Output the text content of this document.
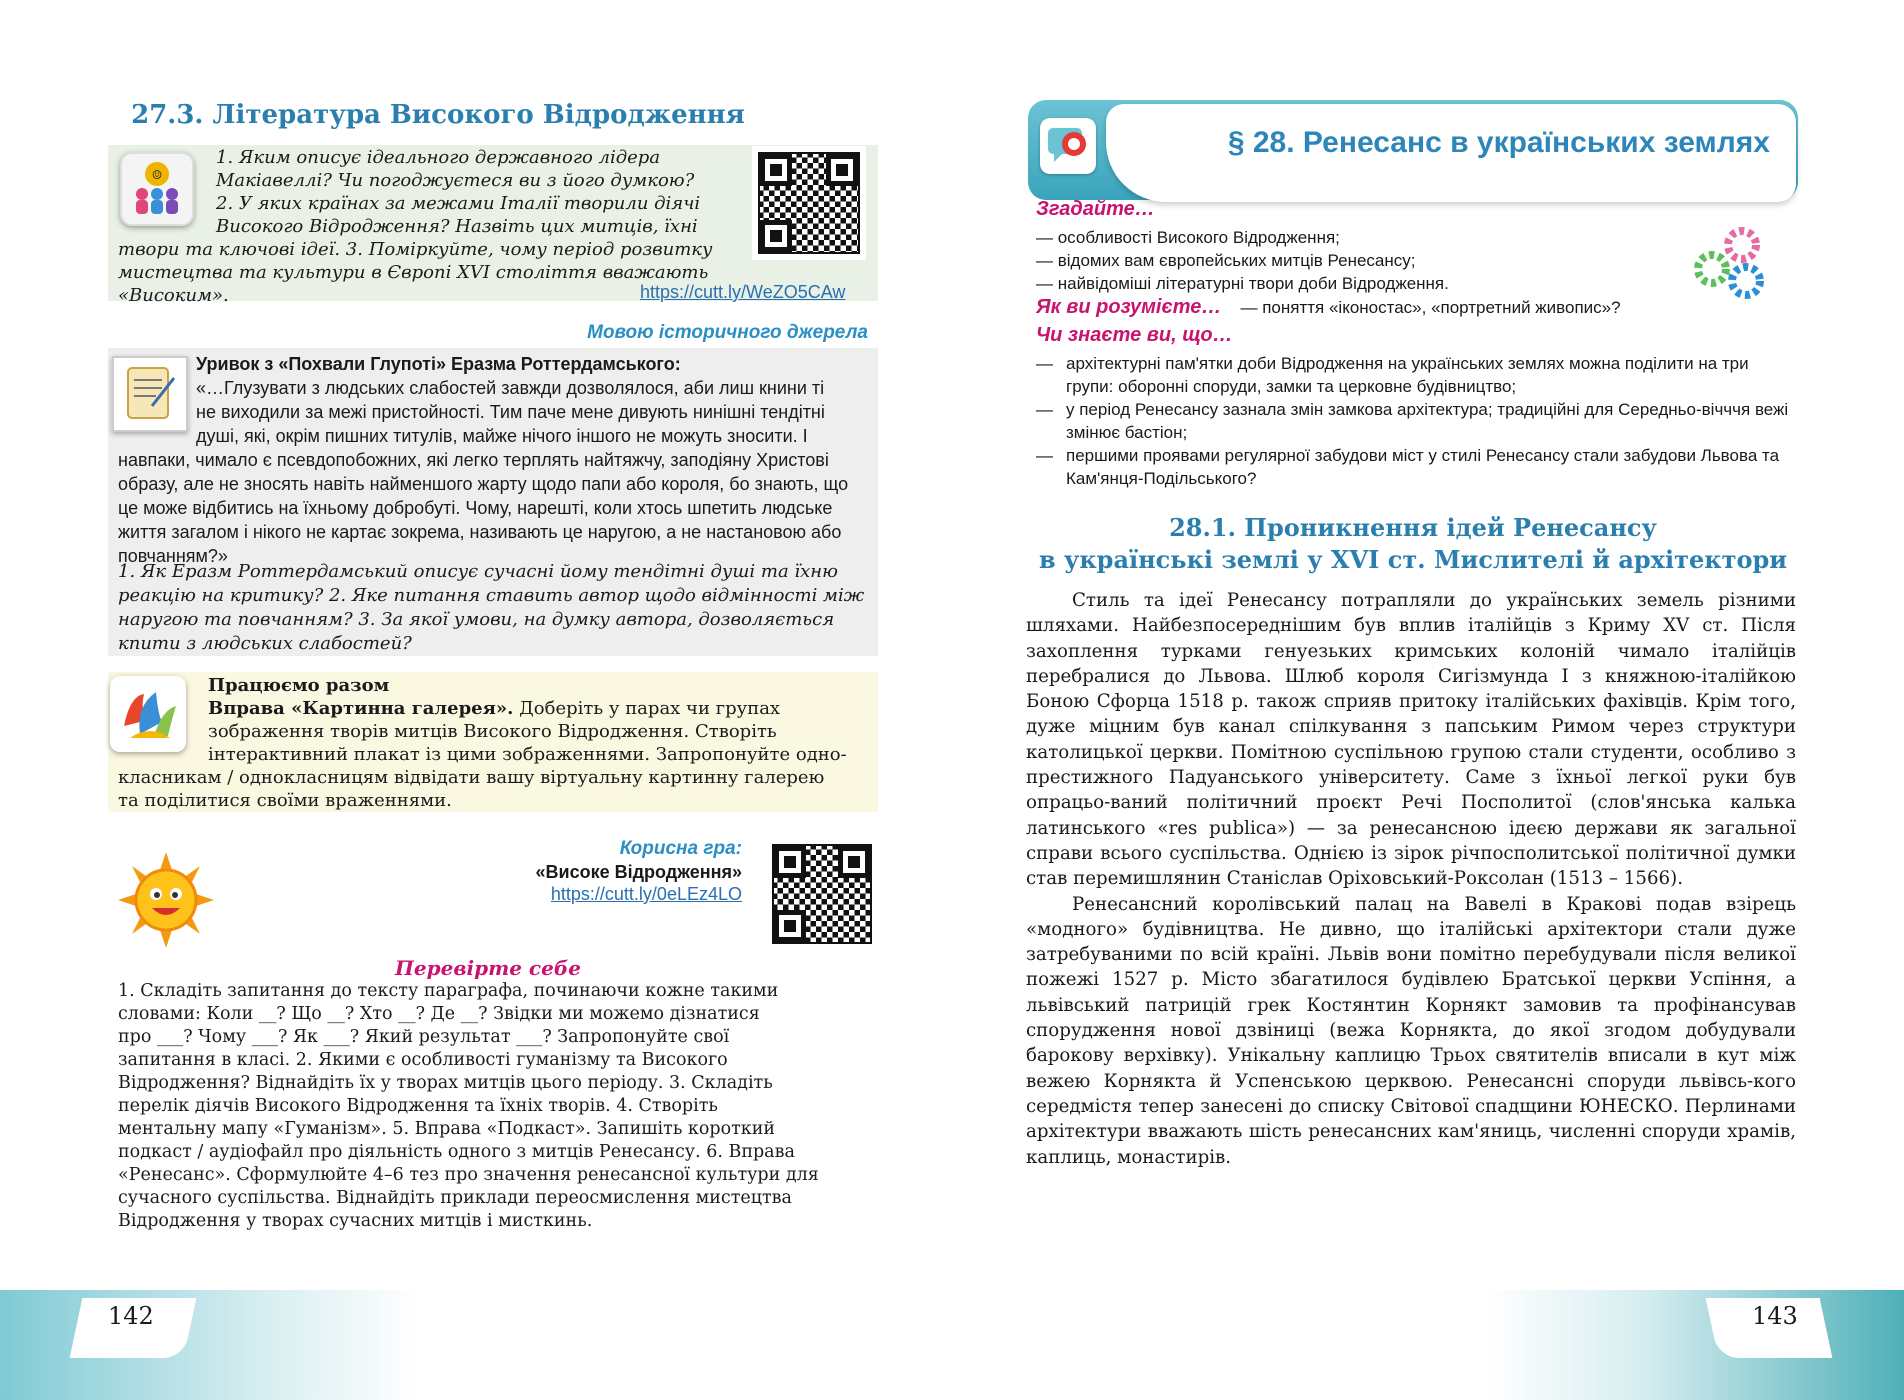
27.3. Література Високого Відродження
☺
1. Яким описує ідеального державного лідера
Макіавеллі? Чи погоджуєтеся ви з його думкою?
2. У яких країнах за межами Італії творили діячі
Високого Відродження? Назвіть цих митців, їхні
твори та ключові ідеї. 3. Поміркуйте, чому період розвитку
мистецтва та культури в Європі XVI століття вважають
«Високим».	https://cutt.ly/WeZO5CAw
Мовою історичного джерела
Уривок з «Похвали Глупоті» Еразма Роттердамського:
«…Глузувати з людських слабостей завжди дозволялося, аби лиш книни ті
не виходили за межі пристойності. Тим паче мене дивують нинішні тендітні
душі, які, окрім пишних титулів, майже нічого іншого не можуть зносити. І
навпаки, чимало є псевдопобожних, які легко терплять найтяжчу, заподіяну Христові
образу, але не зносять навіть найменшого жарту щодо папи або короля, бо знають, що
це може відбитись на їхньому добробуті. Чому, нарешті, коли хтось шпетить людське
життя загалом і нікого не картає зокрема, називають це наругою, а не настановою або
повчанням?»
1. Як Еразм Роттердамський описує сучасні йому тендітні душі та їхню
реакцію на критику? 2. Яке питання ставить автор щодо відмінності між
наругою та повчанням? 3. За якої умови, на думку автора, дозволяється
кпити з людських слабостей?
Працюємо разом
Вправа «Картинна галерея». Доберіть у парах чи групах
зображення творів митців Високого Відродження. Створіть
інтерактивний плакат із цими зображеннями. Запропонуйте одно-
класникам / однокласницям відвідати вашу віртуальну картинну галерею
та поділитися своїми враженнями.
Корисна гра:
«Високе Відродження»
https://cutt.ly/0eLEz4LO
Перевірте себе
1. Складіть запитання до тексту параграфа, починаючи кожне такими
словами: Коли __? Що __? Хто __? Де __? Звідки ми можемо дізнатися
про ___? Чому ___? Як ___? Який результат ___? Запропонуйте свої
запитання в класі. 2. Якими є особливості гуманізму та Високого
Відродження? Віднайдіть їх у творах митців цього періоду. 3. Складіть
перелік діячів Високого Відродження та їхніх творів. 4. Створіть
ментальну мапу «Гуманізм». 5. Вправа «Подкаст». Запишіть короткий
подкаст / аудіофайл про діяльність одного з митців Ренесансу. 6. Вправа
«Ренесанс». Сформулюйте 4–6 тез про значення ренесансної культури для
сучасного суспільства. Віднайдіть приклади переосмислення мистецтва
Відродження у творах сучасних митців і мисткинь.
§ 28. Ренесанс в українських землях
Згадайте…
— особливості Високого Відродження;
— відомих вам європейських митців Ренесансу;
— найвідоміші літературні твори доби Відродження.
Як ви розумієте… — поняття «іконостас», «портретний живопис»?
Чи знаєте ви, що…
— архітектурні пам'ятки доби Відродження на українських землях можна поділити на три групи: оборонні споруди, замки та церковне будівництво;
— у період Ренесансу зазнала змін замкова архітектура; традиційні для Середньо-вічччя вежі змінює бастіон;
— першими проявами регулярної забудови міст у стилі Ренесансу стали забудови Львова та Кам'янця-Подільського?
28.1. Проникнення ідей Ренесансу
в українські землі у XVI ст. Мислителі й архітектори

Стиль та ідеї Ренесансу потрапляли до українських земель різними шляхами. Найбезпосереднішим був вплив італійців з Криму XV ст. Після захоплення турками генуезьких кримських колоній чимало італійців перебралися до Львова. Шлюб короля Сигізмунда I з княжною-італійкою Боною Сфорца 1518 р. також сприяв притоку італійських фахівців. Крім того, дуже міцним був канал спілкування з папським Римом через структури католицької церкви. Помітною суспільною групою стали студенти, особливо з престижного Падуанського університету. Саме з їхньої легкої руки був опрацьо-ваний політичний проєкт Речі Посполитої (слов'янська калька латинського «res publica») — за ренесансною ідеєю держави як загальної справи всього суспільства. Однією із зірок річпосполитської політичної думки став перемишлянин Станіслав Оріховський-Роксолан (1513 – 1566).

Ренесансний королівський палац на Вавелі в Кракові подав взірець «модного» будівництва. Не дивно, що італійські архітектори стали дуже затребуваними по всій країні. Львів вони помітно перебудували після великої пожежі 1527 р. Місто збагатилося будівлею Братської церкви Успіння, а львівський патрицій грек Костянтин Корнякт замовив та профінансував спорудження нової дзвіниці (вежа Корнякта, до якої згодом добудували барокову верхівку). Унікальну каплицю Трьох святителів вписали в кут між вежею Корнякта й Успенською церквою. Ренесансні споруди львівсь-кого середмістя тепер занесені до списку Світової спадщини ЮНЕСКО. Перлинами архітектури вважають шість ренесансних кам'яниць, численні споруди храмів, каплиць, монастирів.

142	143
